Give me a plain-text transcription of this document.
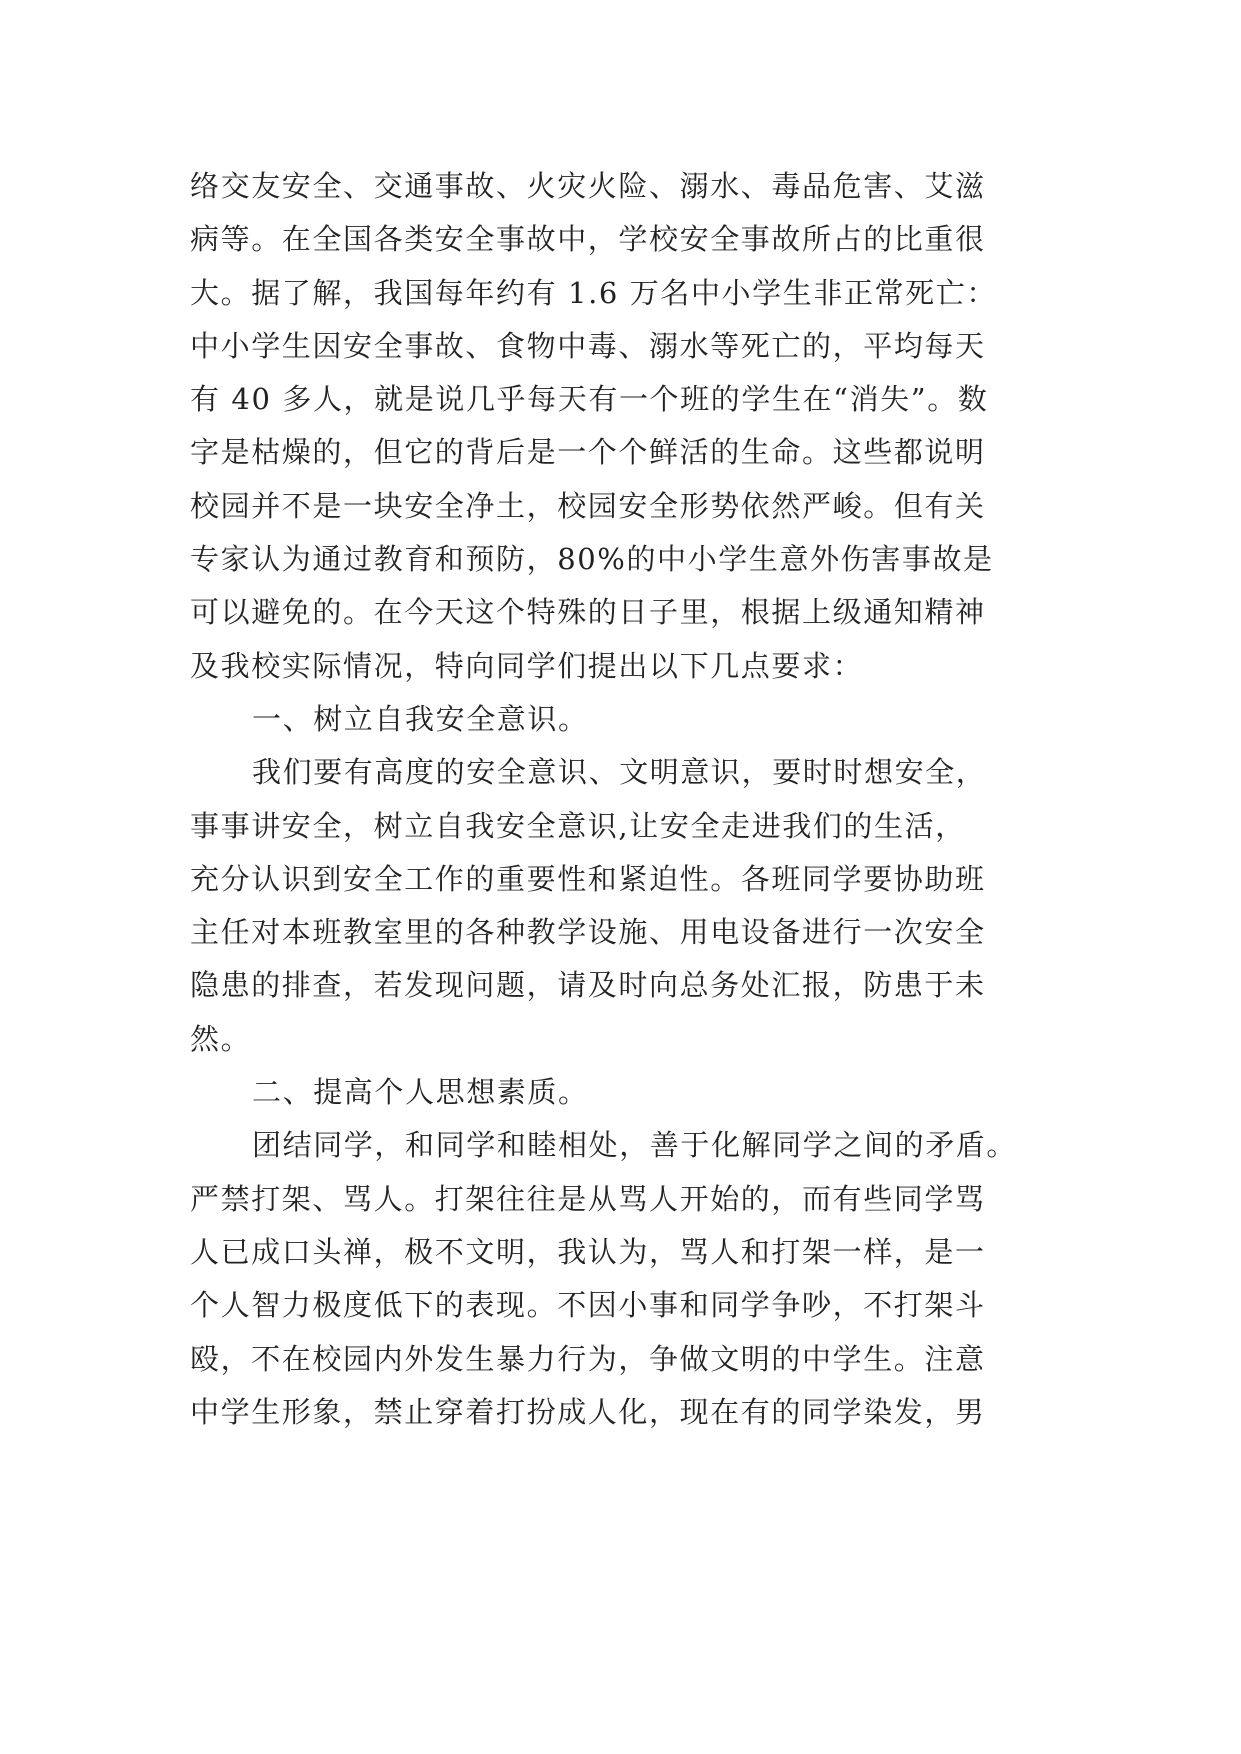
络交友安全、交通事故、火灾火险、溺水、毒品危害、艾滋
病等。在全国各类安全事故中，学校安全事故所占的比重很
大。据了解，我国每年约有 1.6 万名中小学生非正常死亡：
中小学生因安全事故、食物中毒、溺水等死亡的，平均每天
有 40 多人，就是说几乎每天有一个班的学生在“消失”。数
字是枯燥的，但它的背后是一个个鲜活的生命。这些都说明
校园并不是一块安全净土，校园安全形势依然严峻。但有关
专家认为通过教育和预防，80%的中小学生意外伤害事故是
可以避免的。在今天这个特殊的日子里，根据上级通知精神
及我校实际情况，特向同学们提出以下几点要求：
一、树立自我安全意识。
我们要有高度的安全意识、文明意识，要时时想安全，
事事讲安全，树立自我安全意识,让安全走进我们的生活，
充分认识到安全工作的重要性和紧迫性。各班同学要协助班
主任对本班教室里的各种教学设施、用电设备进行一次安全
隐患的排查，若发现问题，请及时向总务处汇报，防患于未
然。
二、提高个人思想素质。
团结同学，和同学和睦相处，善于化解同学之间的矛盾。
严禁打架、骂人。打架往往是从骂人开始的，而有些同学骂
人已成口头禅，极不文明，我认为，骂人和打架一样，是一
个人智力极度低下的表现。不因小事和同学争吵，不打架斗
殴，不在校园内外发生暴力行为，争做文明的中学生。注意
中学生形象，禁止穿着打扮成人化，现在有的同学染发，男
